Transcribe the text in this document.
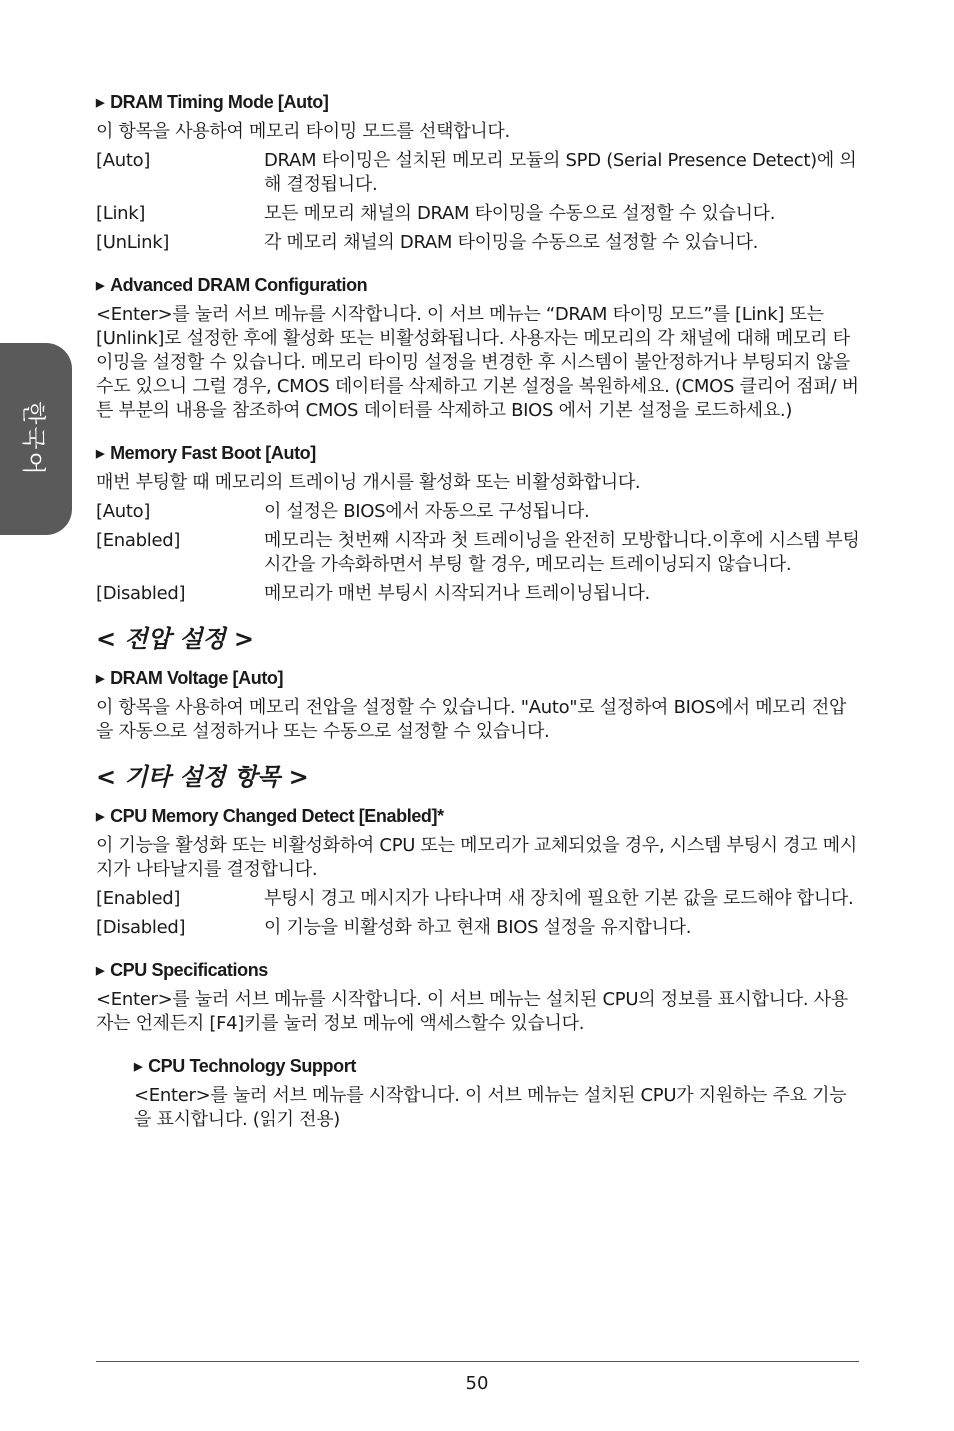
한국어
▶ DRAM Timing Mode [Auto]

이 항목을 사용하여 메모리 타이밍 모드를 선택합니다.

[Auto]	DRAM 타이밍은 설치된 메모리 모듈의 SPD (Serial Presence Detect)에 의해 결정됩니다.
[Link]	모든 메모리 채널의 DRAM 타이밍을 수동으로 설정할 수 있습니다.
[UnLink]	각 메모리 채널의 DRAM 타이밍을 수동으로 설정할 수 있습니다.
▶ Advanced DRAM Configuration

<Enter>를 눌러 서브 메뉴를 시작합니다. 이 서브 메뉴는 “DRAM 타이밍 모드”를 [Link] 또는 [Unlink]로 설정한 후에 활성화 또는 비활성화됩니다. 사용자는 메모리의 각 채널에 대해 메모리 타이밍을 설정할 수 있습니다. 메모리 타이밍 설정을 변경한 후 시스템이 불안정하거나 부팅되지 않을 수도 있으니 그럴 경우, CMOS 데이터를 삭제하고 기본 설정을 복원하세요. (CMOS 클리어 점퍼/ 버튼 부분의 내용을 참조하여 CMOS 데이터를 삭제하고 BIOS 에서 기본 설정을 로드하세요.)

▶ Memory Fast Boot [Auto]

매번 부팅할 때 메모리의 트레이닝 개시를 활성화 또는 비활성화합니다.

[Auto]	이 설정은 BIOS에서 자동으로 구성됩니다.
[Enabled]	메모리는 첫번째 시작과 첫 트레이닝을 완전히 모방합니다.이후에 시스템 부팅 시간을 가속화하면서 부팅 할 경우, 메모리는 트레이닝되지 않습니다.
[Disabled]	메모리가 매번 부팅시 시작되거나 트레이닝됩니다.
< 전압 설정 >
▶ DRAM Voltage [Auto]

이 항목을 사용하여 메모리 전압을 설정할 수 있습니다. "Auto"로 설정하여 BIOS에서 메모리 전압을 자동으로 설정하거나 또는 수동으로 설정할 수 있습니다.

< 기타 설정 항목 >
▶ CPU Memory Changed Detect [Enabled]*

이 기능을 활성화 또는 비활성화하여 CPU 또는 메모리가 교체되었을 경우, 시스템 부팅시 경고 메시지가 나타날지를 결정합니다.

[Enabled]	부팅시 경고 메시지가 나타나며 새 장치에 필요한 기본 값을 로드해야 합니다.
[Disabled]	이 기능을 비활성화 하고 현재 BIOS 설정을 유지합니다.
▶ CPU Specifications

<Enter>를 눌러 서브 메뉴를 시작합니다. 이 서브 메뉴는 설치된 CPU의 정보를 표시합니다. 사용자는 언제든지 [F4]키를 눌러 정보 메뉴에 액세스할수 있습니다.

▶ CPU Technology Support

<Enter>를 눌러 서브 메뉴를 시작합니다. 이 서브 메뉴는 설치된 CPU가 지원하는 주요 기능을 표시합니다. (읽기 전용)

50
